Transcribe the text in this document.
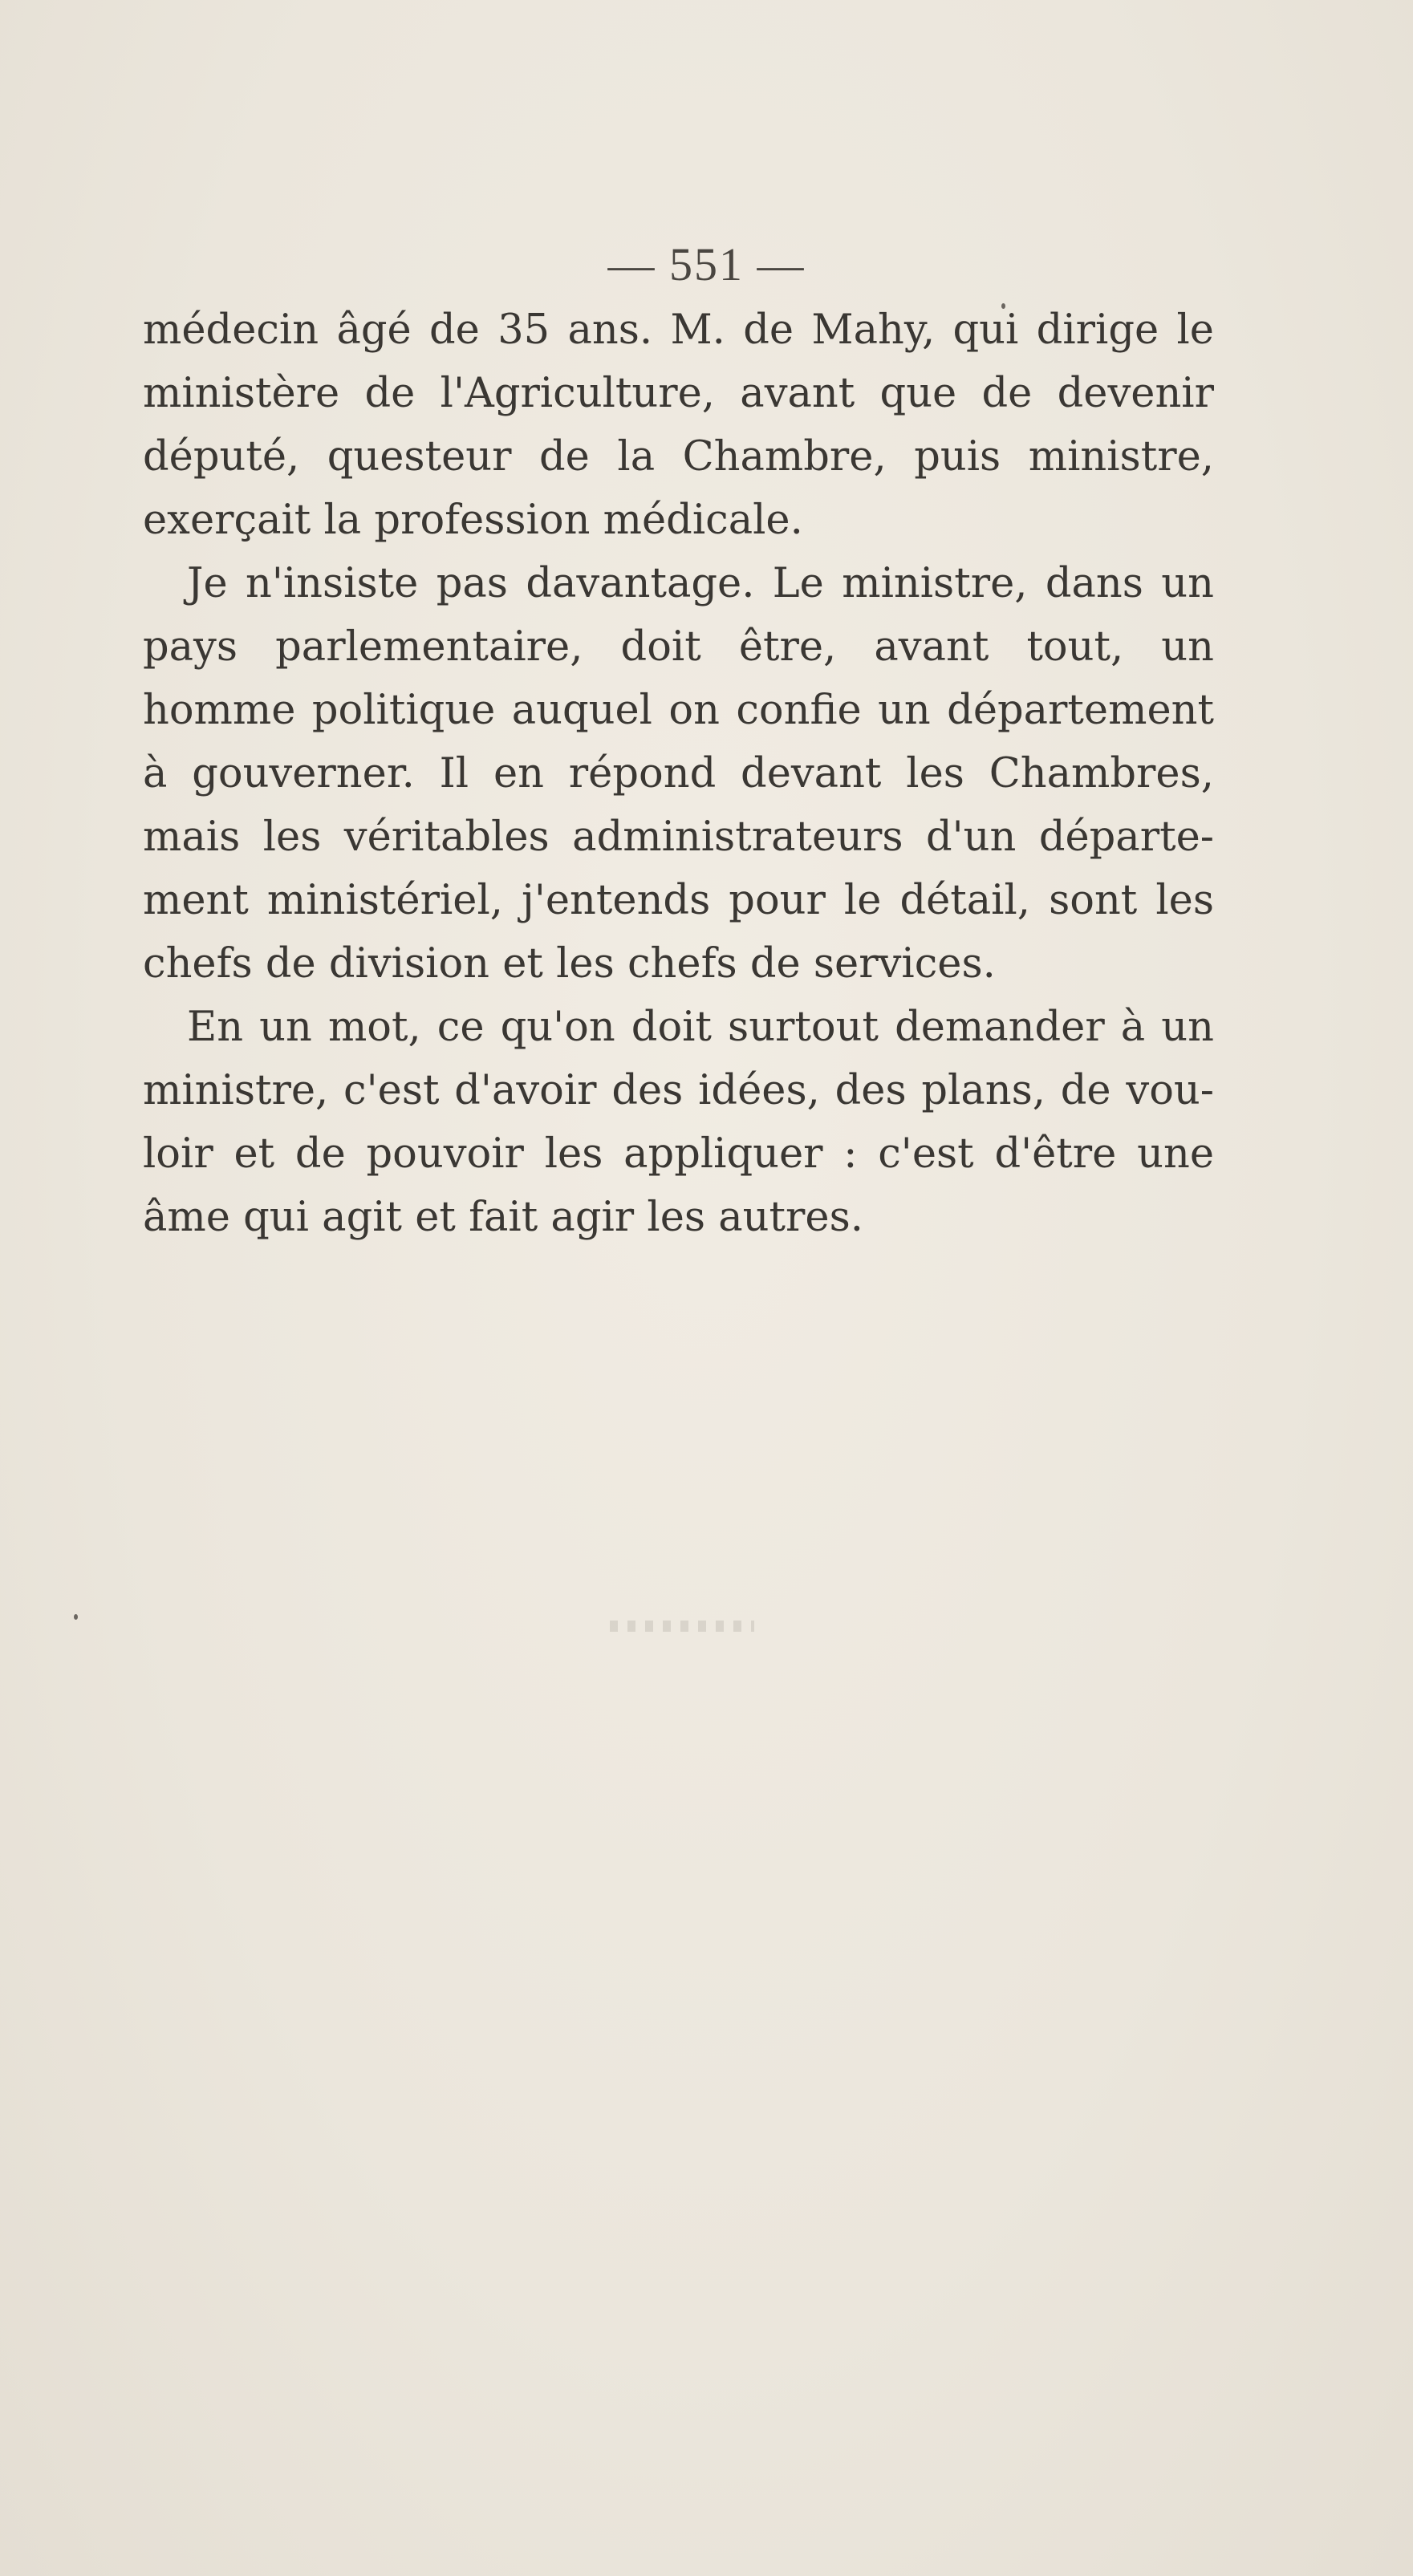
— 551 —
médecin âgé de 35 ans. M. de Mahy, qui dirige le
ministère de l'Agriculture, avant que de devenir
député, questeur de la Chambre, puis ministre,
exerçait la profession médicale.
Je n'insiste pas davantage. Le ministre, dans un
pays parlementaire, doit être, avant tout, un
homme politique auquel on confie un département
à gouverner. Il en répond devant les Chambres,
mais les véritables administrateurs d'un départe-
ment ministériel, j'entends pour le détail, sont les
chefs de division et les chefs de services.
En un mot, ce qu'on doit surtout demander à un
ministre, c'est d'avoir des idées, des plans, de vou-
loir et de pouvoir les appliquer : c'est d'être une
âme qui agit et fait agir les autres.
